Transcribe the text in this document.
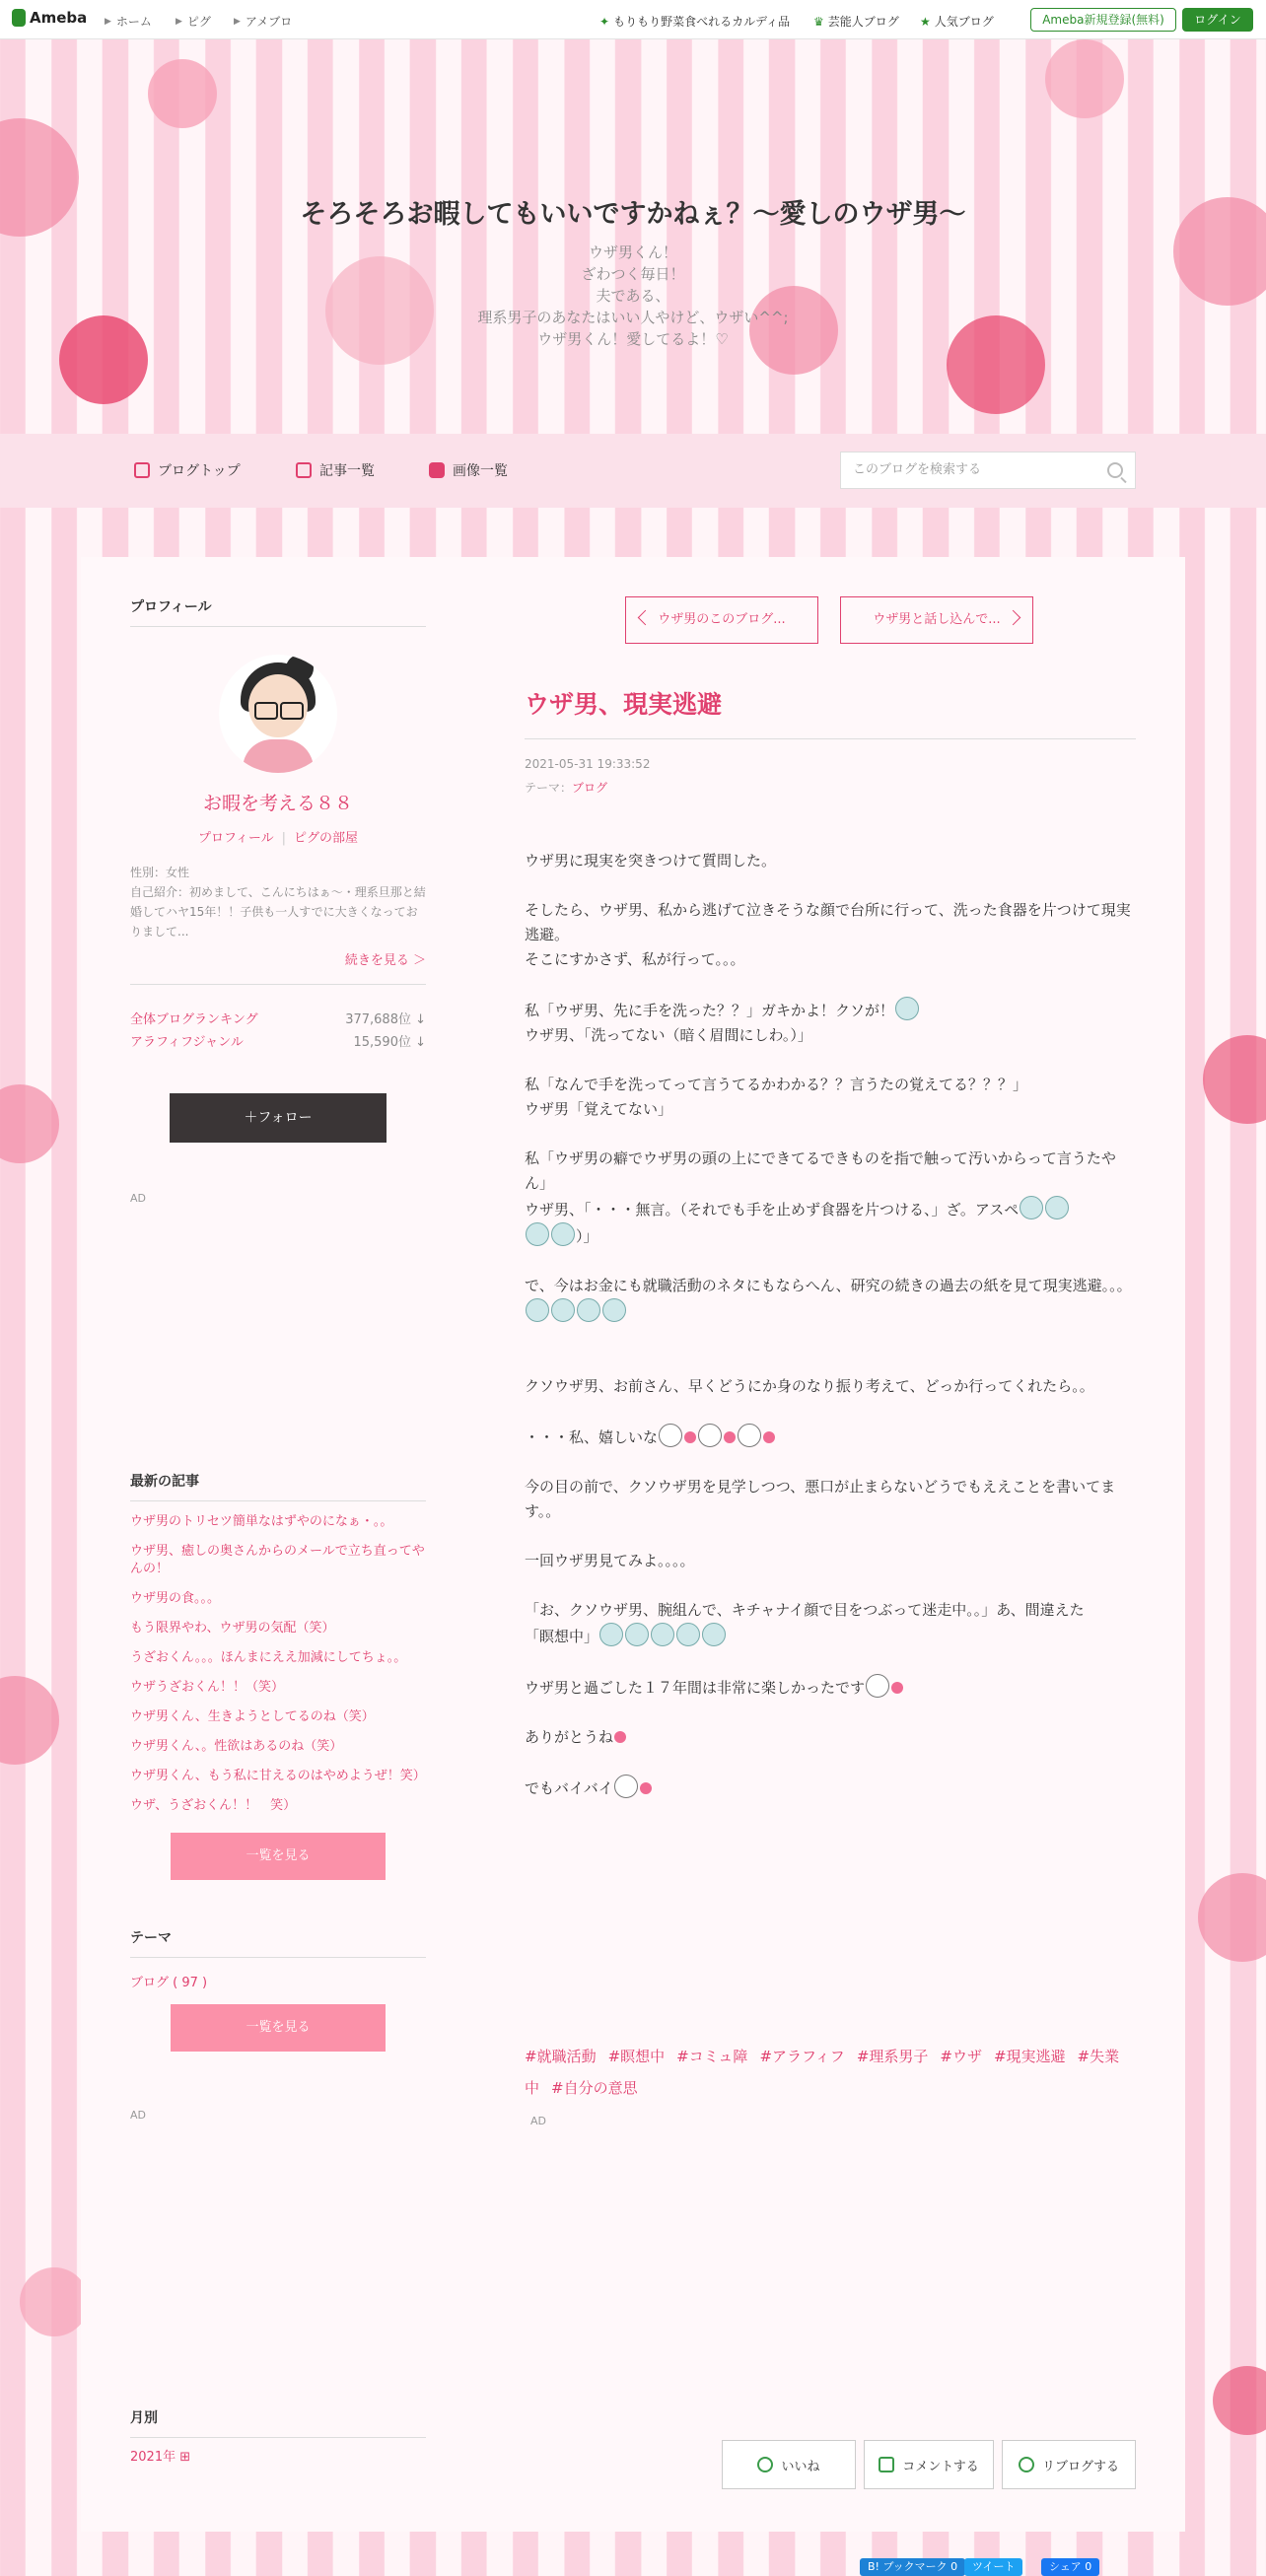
Ameba ▶ ホーム	▶ ピグ	▶ アメブロ	✦ もりもり野菜食べれるカルディ品 ♛ 芸能人ブログ ★ 人気ブログ	Ameba新規登録(無料)	ログイン
そろそろお暇してもいいですかねぇ？〜愛しのウザ男〜
ウザ男くん！
ざわつく毎日！
夫である、
理系男子のあなたはいい人やけど、ウザい^^;
ウザ男くん！愛してるよ！♡
ブログトップ	記事一覧	画像一覧	このブログを検索する
プロフィール
お暇を考える８８
プロフィール | ピグの部屋
性別：女性
自己紹介：初めまして、こんにちはぁ〜・理系旦那と結婚してハヤ15年！！子供も一人すでに大きくなっておりまして...
続きを見る ＞
全体ブログランキング	377,688位 ↓
アラフィフジャンル	15,590位 ↓
＋フォロー
AD
最新の記事
ウザ男のトリセツ簡単なはずやのになぁ・。。
ウザ男、癒しの奥さんからのメールで立ち直ってやんの！
ウザ男の食。。。
もう限界やわ、ウザ男の気配（笑）
うざおくん。。。ほんまにええ加減にしてちょ。。
ウザうざおくん！！（笑）
ウザ男くん、生きようとしてるのね（笑）
ウザ男くん、。性欲はあるのね（笑）
ウザ男くん、もう私に甘えるのはやめようぜ！笑）
ウザ、うざおくん！！　笑）
一覧を見る
テーマ
ブログ ( 97 )
一覧を見る
AD
月別
2021年 ⊞
ウザ男のこのブログ...	ウザ男と話し込んで...
ウザ男、現実逃避
2021-05-31 19:33:52
テーマ：ブログ

ウザ男に現実を突きつけて質問した。

そしたら、ウザ男、私から逃げて泣きそうな顔で台所に行って、洗った食器を片つけて現実逃避。
そこにすかさず、私が行って。。。

私「ウザ男、先に手を洗った？？」ガキかよ！クソが！
ウザ男、「洗ってない（暗く眉間にしわ。）」

私「なんで手を洗ってって言うてるかわかる？？言うたの覚えてる？？？」
ウザ男「覚えてない」

私「ウザ男の癖でウザ男の頭の上にできてるできものを指で触って汚いからって言うたやん」
ウザ男、「・・・無言。（それでも手を止めず食器を片つける、」ざ。アスペ
）」

で、今はお金にも就職活動のネタにもならへん、研究の続きの過去の紙を見て現実逃避。。。

クソウザ男、お前さん、早くどうにか身のなり振り考えて、どっか行ってくれたら。。

・・・私、嬉しいな

今の目の前で、クソウザ男を見学しつつ、悪口が止まらないどうでもええことを書いてます。。

一回ウザ男見てみよ。。。。

「お、クソウザ男、腕組んで、キチャナイ顔で目をつぶって迷走中。。」あ、間違えた
「瞑想中」

ウザ男と過ごした１７年間は非常に楽しかったです

ありがとうね

でもバイバイ

#就職活動 #瞑想中 #コミュ障 #アラフィフ #理系男子 #ウザ #現実逃避 #失業中 #自分の意思
AD
いいね	コメントする	リブログする
B! ブックマーク 0	ツイート	シェア 0
